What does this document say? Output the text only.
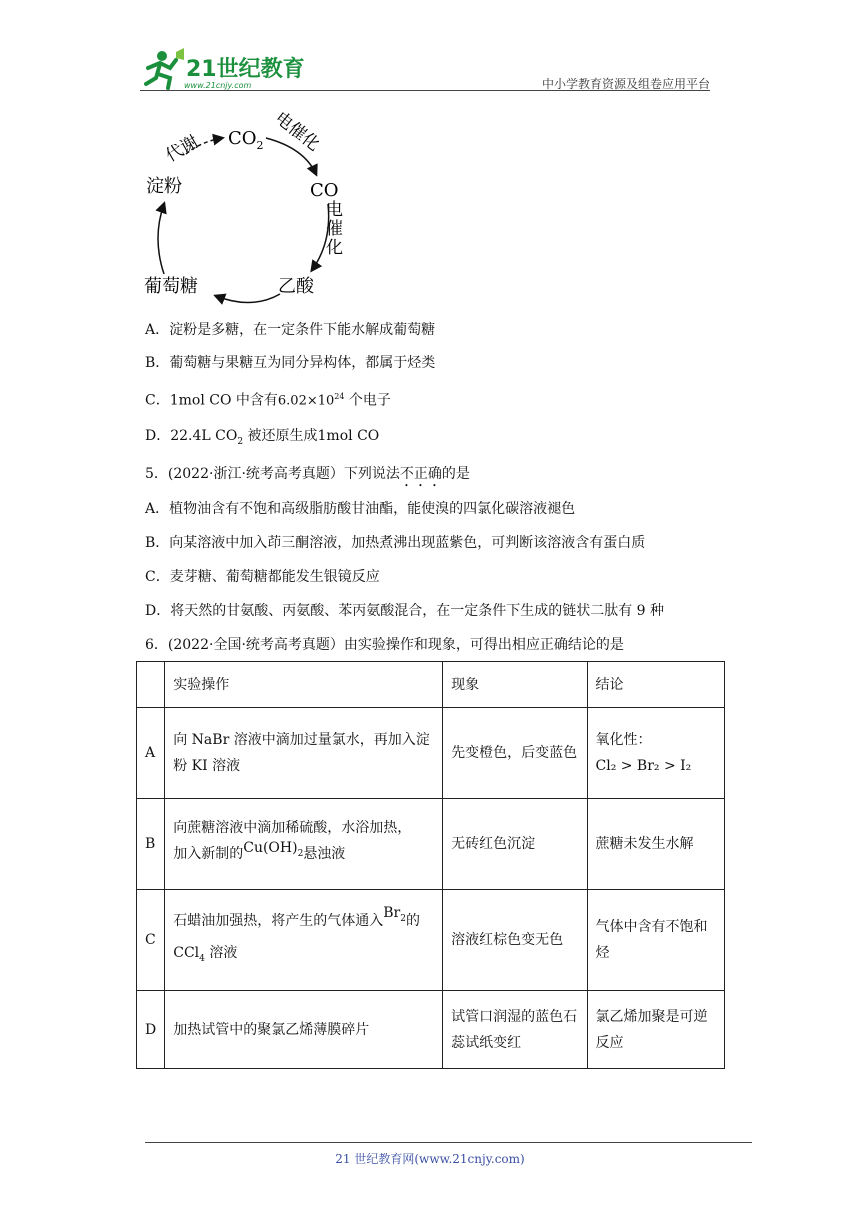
21世纪教育
www.21cnjy.com	中小学教育资源及组卷应用平台
$CO_2$
CO
淀粉
葡萄糖	乙酸
代谢	电催化
电催化
A．淀粉是多糖，在一定条件下能水解成葡萄糖
B．葡萄糖与果糖互为同分异构体，都属于烃类
C．1mol CO 中含有$6.02\times 10^{24}$ 个电子
D．22.4L $CO_2$ 被还原生成1mol CO
5．(2022·浙江·统考高考真题）下列说法不正确的是
A．植物油含有不饱和高级脂肪酸甘油酯，能使溴的四氯化碳溶液褪色
B．向某溶液中加入茚三酮溶液，加热煮沸出现蓝紫色，可判断该溶液含有蛋白质
C．麦芽糖、葡萄糖都能发生银镜反应
D．将天然的甘氨酸、丙氨酸、苯丙氨酸混合，在一定条件下生成的链状二肽有 9 种
6．(2022·全国·统考高考真题）由实验操作和现象，可得出相应正确结论的是
	实验操作	现象	结论
A	向 NaBr 溶液中滴加过量氯水，再加入淀粉 KI 溶液	先变橙色，后变蓝色	氧化性：
Cl₂ > Br₂ > I₂

B	向蔗糖溶液中滴加稀硫酸，水浴加热，
加入新制的$Cu(OH)_2$悬浊液	无砖红色沉淀	蔗糖未发生水解
C	石蜡油加强热，将产生的气体通入$Br_2$的
CCl$_4$ 溶液	溶液红棕色变无色	气体中含有不饱和烃
D	加热试管中的聚氯乙烯薄膜碎片	试管口润湿的蓝色石蕊试纸变红	氯乙烯加聚是可逆反应
21 世纪教育网(www.21cnjy.com)
